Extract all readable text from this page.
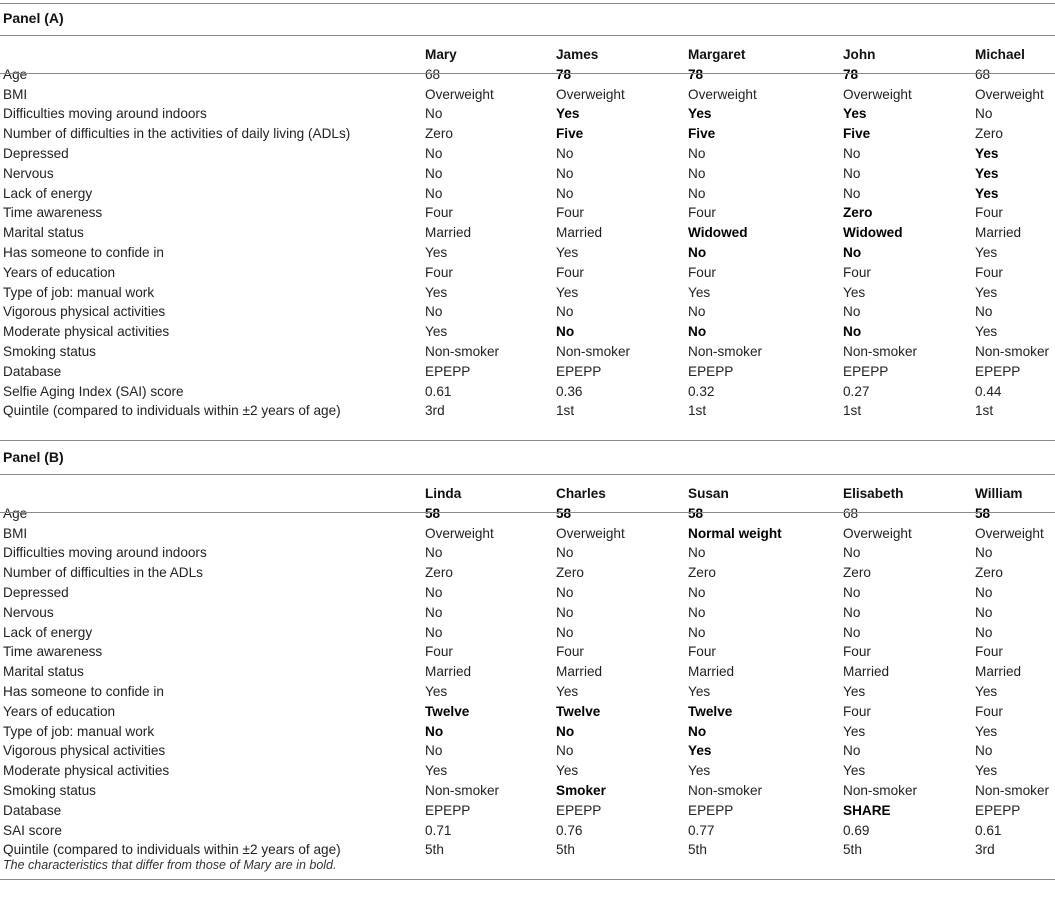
Panel (A)
	Mary	James	Margaret	John	Michael
Age	68	78	78	78	68
BMI	Overweight	Overweight	Overweight	Overweight	Overweight
Difficulties moving around indoors	No	Yes	Yes	Yes	No
Number of difficulties in the activities of daily living (ADLs)	Zero	Five	Five	Five	Zero
Depressed	No	No	No	No	Yes
Nervous	No	No	No	No	Yes
Lack of energy	No	No	No	No	Yes
Time awareness	Four	Four	Four	Zero	Four
Marital status	Married	Married	Widowed	Widowed	Married
Has someone to confide in	Yes	Yes	No	No	Yes
Years of education	Four	Four	Four	Four	Four
Type of job: manual work	Yes	Yes	Yes	Yes	Yes
Vigorous physical activities	No	No	No	No	No
Moderate physical activities	Yes	No	No	No	Yes
Smoking status	Non-smoker	Non-smoker	Non-smoker	Non-smoker	Non-smoker
Database	EPEPP	EPEPP	EPEPP	EPEPP	EPEPP
Selfie Aging Index (SAI) score	0.61	0.36	0.32	0.27	0.44
Quintile (compared to individuals within ±2 years of age)	3rd	1st	1st	1st	1st
Panel (B)
	Linda	Charles	Susan	Elisabeth	William
Age	58	58	58	68	58
BMI	Overweight	Overweight	Normal weight	Overweight	Overweight
Difficulties moving around indoors	No	No	No	No	No
Number of difficulties in the ADLs	Zero	Zero	Zero	Zero	Zero
Depressed	No	No	No	No	No
Nervous	No	No	No	No	No
Lack of energy	No	No	No	No	No
Time awareness	Four	Four	Four	Four	Four
Marital status	Married	Married	Married	Married	Married
Has someone to confide in	Yes	Yes	Yes	Yes	Yes
Years of education	Twelve	Twelve	Twelve	Four	Four
Type of job: manual work	No	No	No	Yes	Yes
Vigorous physical activities	No	No	Yes	No	No
Moderate physical activities	Yes	Yes	Yes	Yes	Yes
Smoking status	Non-smoker	Smoker	Non-smoker	Non-smoker	Non-smoker
Database	EPEPP	EPEPP	EPEPP	SHARE	EPEPP
SAI score	0.71	0.76	0.77	0.69	0.61
Quintile (compared to individuals within ±2 years of age)	5th	5th	5th	5th	3rd
The characteristics that differ from those of Mary are in bold.
